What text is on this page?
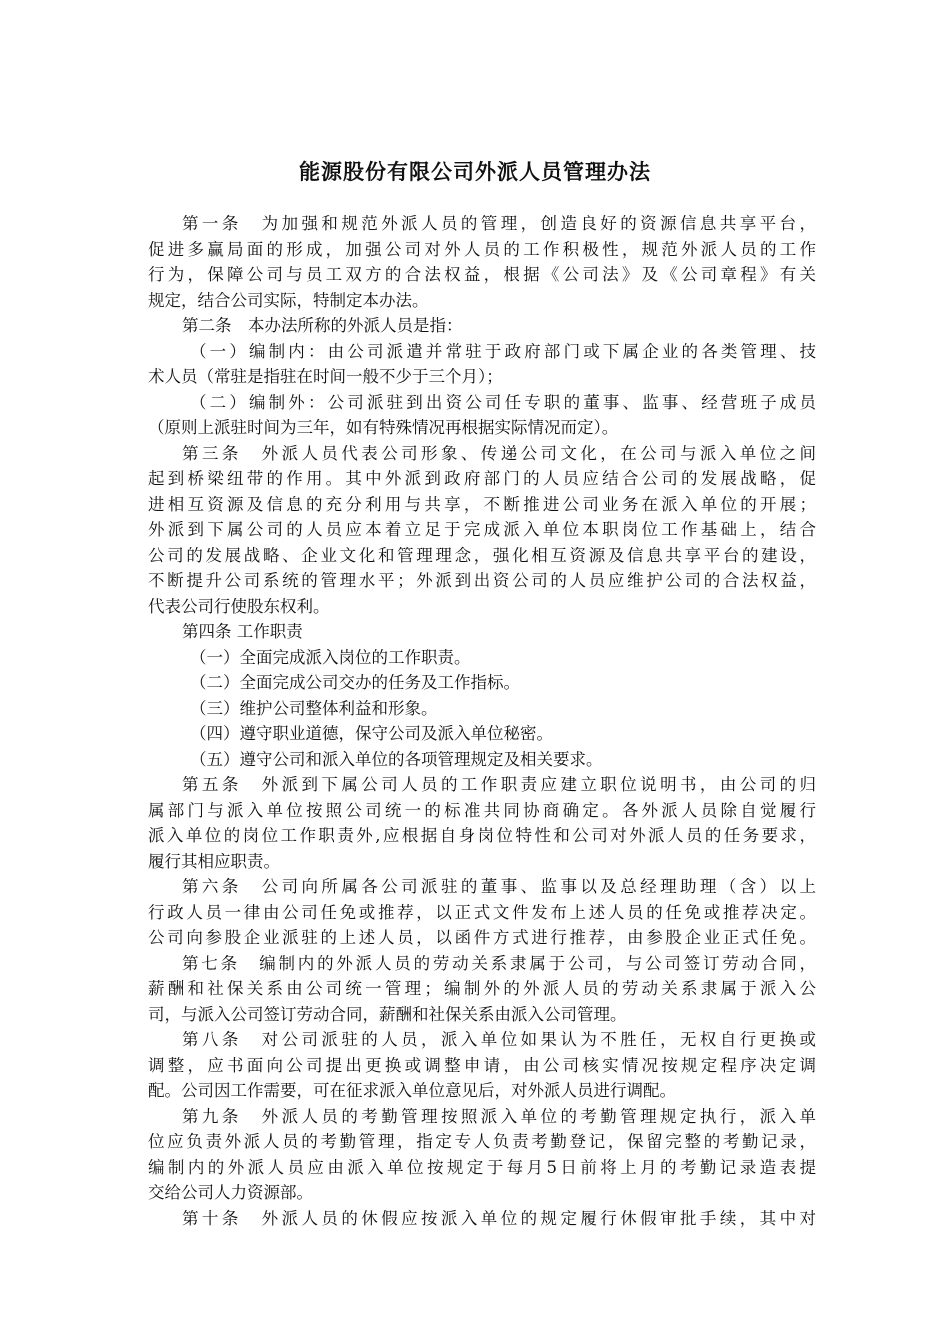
能源股份有限公司外派人员管理办法
第一条　为加强和规范外派人员的管理，创造良好的资源信息共享平台，
促进多赢局面的形成，加强公司对外人员的工作积极性，规范外派人员的工作
行为，保障公司与员工双方的合法权益，根据《公司法》及《公司章程》有关
规定，结合公司实际，特制定本办法。
第二条　本办法所称的外派人员是指：
（一）编制内：由公司派遣并常驻于政府部门或下属企业的各类管理、技
术人员（常驻是指驻在时间一般不少于三个月）；
（二）编制外：公司派驻到出资公司任专职的董事、监事、经营班子成员
（原则上派驻时间为三年，如有特殊情况再根据实际情况而定）。
第三条　外派人员代表公司形象、传递公司文化，在公司与派入单位之间
起到桥梁纽带的作用。其中外派到政府部门的人员应结合公司的发展战略，促
进相互资源及信息的充分利用与共享，不断推进公司业务在派入单位的开展；
外派到下属公司的人员应本着立足于完成派入单位本职岗位工作基础上，结合
公司的发展战略、企业文化和管理理念，强化相互资源及信息共享平台的建设，
不断提升公司系统的管理水平；外派到出资公司的人员应维护公司的合法权益，
代表公司行使股东权利。
第四条 工作职责
（一）全面完成派入岗位的工作职责。
（二）全面完成公司交办的任务及工作指标。
（三）维护公司整体利益和形象。
（四）遵守职业道德，保守公司及派入单位秘密。
（五）遵守公司和派入单位的各项管理规定及相关要求。
第五条　外派到下属公司人员的工作职责应建立职位说明书，由公司的归
属部门与派入单位按照公司统一的标准共同协商确定。各外派人员除自觉履行
派入单位的岗位工作职责外,应根据自身岗位特性和公司对外派人员的任务要求，
履行其相应职责。
第六条　公司向所属各公司派驻的董事、监事以及总经理助理（含）以上
行政人员一律由公司任免或推荐，以正式文件发布上述人员的任免或推荐决定。
公司向参股企业派驻的上述人员，以函件方式进行推荐，由参股企业正式任免。
第七条　编制内的外派人员的劳动关系隶属于公司，与公司签订劳动合同，
薪酬和社保关系由公司统一管理；编制外的外派人员的劳动关系隶属于派入公
司，与派入公司签订劳动合同，薪酬和社保关系由派入公司管理。
第八条　对公司派驻的人员，派入单位如果认为不胜任，无权自行更换或
调整，应书面向公司提出更换或调整申请，由公司核实情况按规定程序决定调
配。公司因工作需要，可在征求派入单位意见后，对外派人员进行调配。
第九条　外派人员的考勤管理按照派入单位的考勤管理规定执行，派入单
位应负责外派人员的考勤管理，指定专人负责考勤登记，保留完整的考勤记录，
编制内的外派人员应由派入单位按规定于每月5日前将上月的考勤记录造表提
交给公司人力资源部。
第十条　外派人员的休假应按派入单位的规定履行休假审批手续，其中对
